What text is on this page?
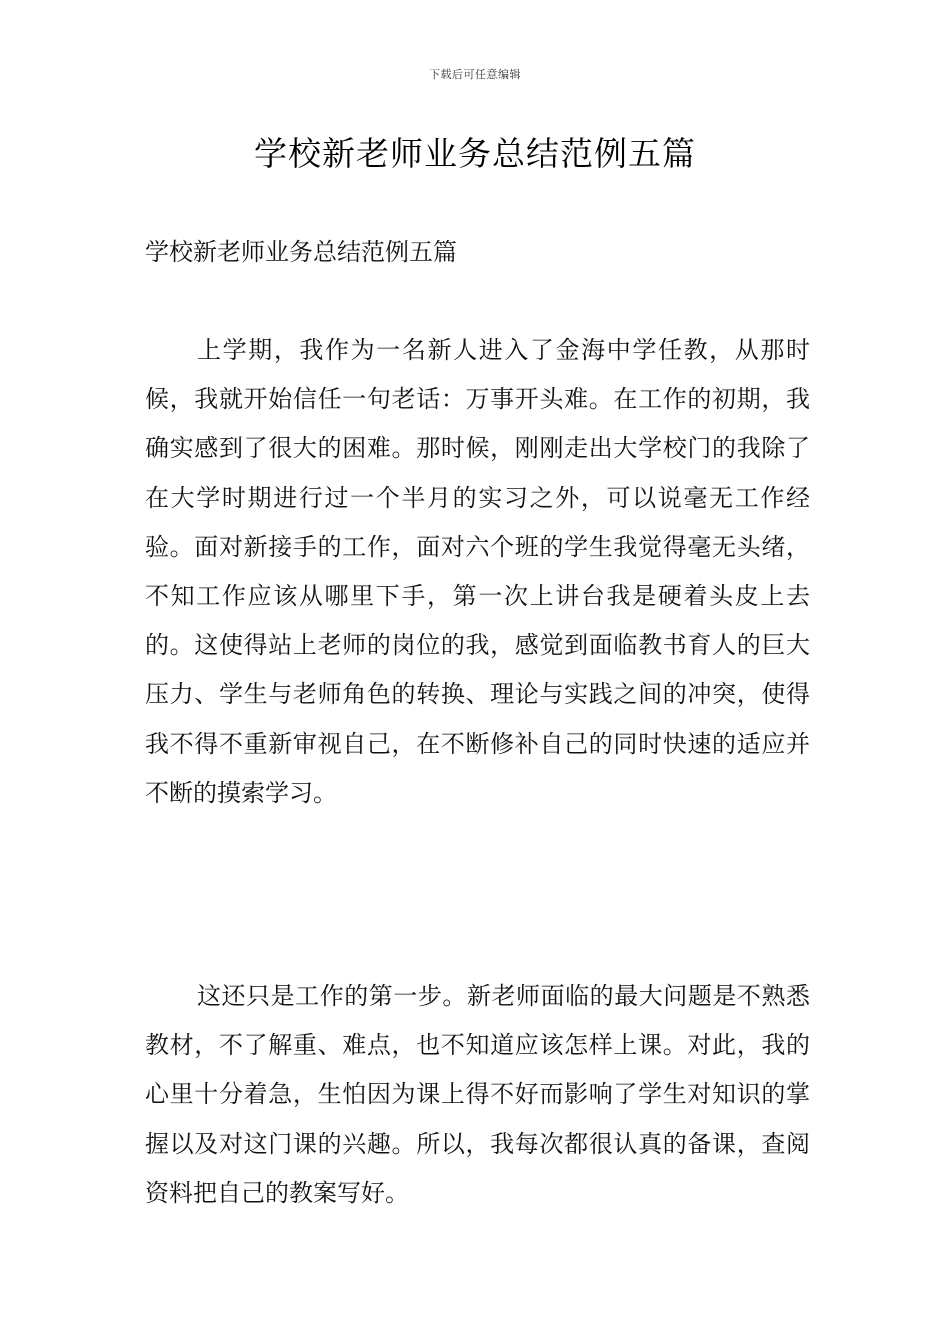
下载后可任意编辑
学校新老师业务总结范例五篇

学校新老师业务总结范例五篇

上学期，我作为一名新人进入了金海中学任教，从那时候，我就开始信任一句老话：万事开头难。在工作的初期，我确实感到了很大的困难。那时候，刚刚走出大学校门的我除了在大学时期进行过一个半月的实习之外，可以说毫无工作经验。面对新接手的工作，面对六个班的学生我觉得毫无头绪，不知工作应该从哪里下手，第一次上讲台我是硬着头皮上去的。这使得站上老师的岗位的我，感觉到面临教书育人的巨大压力、学生与老师角色的转换、理论与实践之间的冲突，使得我不得不重新审视自己，在不断修补自己的同时快速的适应并不断的摸索学习。

这还只是工作的第一步。新老师面临的最大问题是不熟悉教材，不了解重、难点，也不知道应该怎样上课。对此，我的心里十分着急，生怕因为课上得不好而影响了学生对知识的掌握以及对这门课的兴趣。所以，我每次都很认真的备课，查阅资料把自己的教案写好。
